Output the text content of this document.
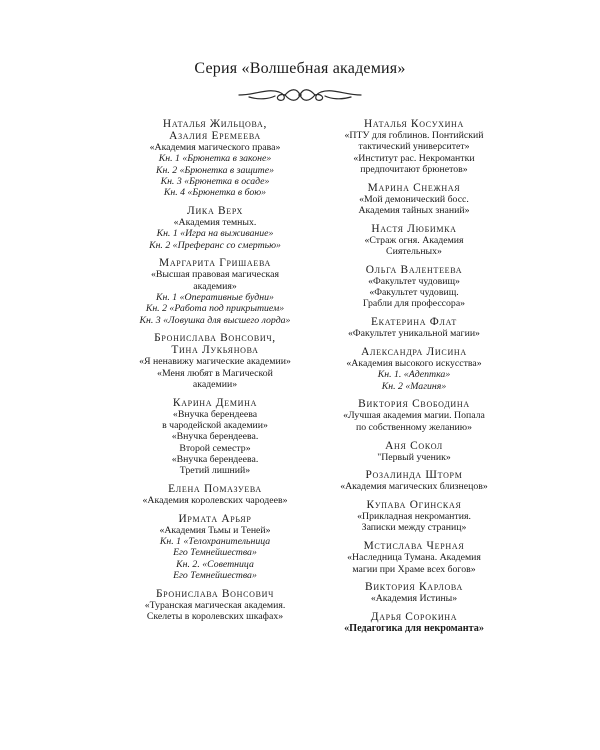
Серия «Волшебная академия»
Наталья Жильцова,
Азалия Еремеева
«Академия магического права»
Кн. 1 «Брюнетка в законе»
Кн. 2 «Брюнетка в защите»
Кн. 3 «Брюнетка в осаде»
Кн. 4 «Брюнетка в бою»
Лика Верх
«Академия темных.
Кн. 1 «Игра на выживание»
Кн. 2 «Преферанс со смертью»
Маргарита Гришаева
«Высшая правовая магическая
академия»
Кн. 1 «Оперативные будни»
Кн. 2 «Работа под прикрытием»
Кн. 3 «Ловушка для высшего лорда»
Бронислава Вонсович,
Тина Лукьянова
«Я ненавижу магические академии»
«Меня любят в Магической
академии»
Карина Демина
«Внучка берендеева
в чародейской академии»
«Внучка берендеева.
Второй семестр»
«Внучка берендеева.
Третий лишний»
Елена Помазуева
«Академия королевских чародеев»
Ирмата Арьяр
«Академия Тьмы и Теней»
Кн. 1 «Телохранительница
Его Темнейшества»
Кн. 2. «Советница
Его Темнейшества»
Бронислава Вонсович
«Туранская магическая академия.
Скелеты в королевских шкафах»
Наталья Косухина
«ПТУ для гоблинов. Понтийский
тактический университет»
«Институт рас. Некромантки
предпочитают брюнетов»
Марина Снежная
«Мой демонический босс.
Академия тайных знаний»
Настя Любимка
«Страж огня. Академия
Сиятельных»
Ольга Валентеева
«Факультет чудовищ»
«Факультет чудовищ.
Грабли для профессора»
Екатерина Флат
«Факультет уникальной магии»
Александра Лисина
«Академия высокого искусства»
Кн. 1. «Адептка»
Кн. 2 «Магиня»
Виктория Свободина
«Лучшая академия магии. Попала
по собственному желанию»
Аня Сокол
"Первый ученик»
Розалинда Шторм
«Академия магических близнецов»
Купава Огинская
«Прикладная некромантия.
Записки между страниц»
Мстислава Черная
«Наследница Тумана. Академия
магии при Храме всех богов»
Виктория Карлова
«Академия Истины»
Дарья Сорокина
«Педагогика для некроманта»
